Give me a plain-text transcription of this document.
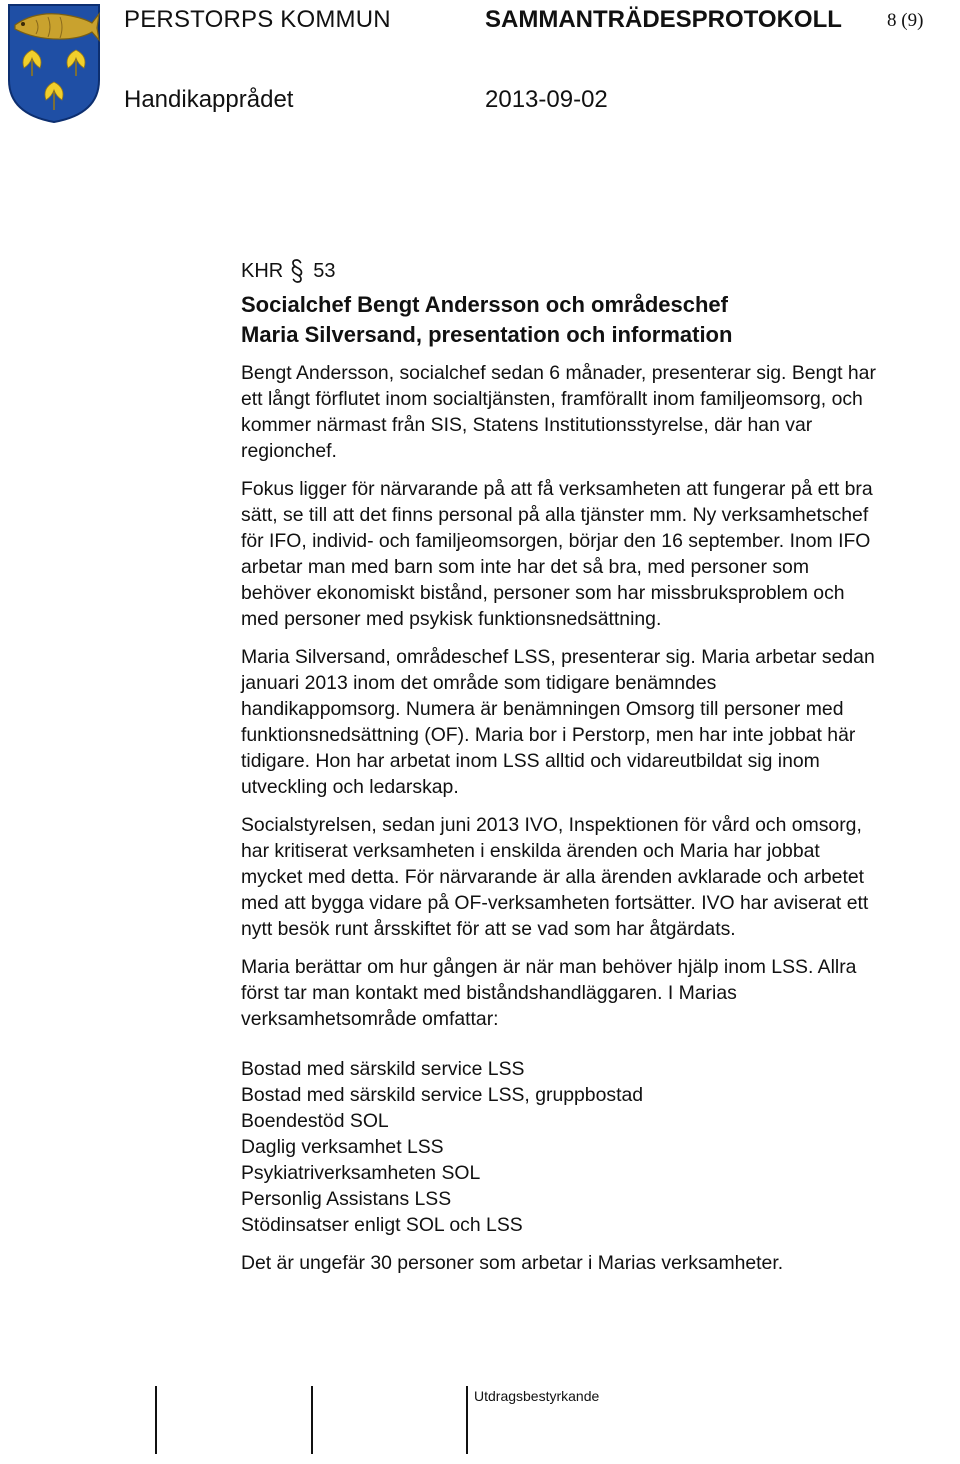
PERSTORPS KOMMUN	SAMMANTRÄDESPROTOKOLL 8 (9)
Handikapprådet	2013-09-02
KHR 53
Socialchef Bengt Andersson och områdeschef
Maria Silversand, presentation och information

Bengt Andersson, socialchef sedan 6 månader, presenterar sig. Bengt har ett långt förflutet inom socialtjänsten, framförallt inom familjeomsorg, och kommer närmast från SIS, Statens Institutionsstyrelse, där han var regionchef.

Fokus ligger för närvarande på att få verksamheten att fungerar på ett bra sätt, se till att det finns personal på alla tjänster mm. Ny verksamhetschef för IFO, individ- och familjeomsorgen, börjar den 16 september. Inom IFO arbetar man med barn som inte har det så bra, med personer som behöver ekonomiskt bistånd, personer som har missbruksproblem och med personer med psykisk funktionsnedsättning.

Maria Silversand, områdeschef LSS, presenterar sig. Maria arbetar sedan januari 2013 inom det område som tidigare benämndes handikappomsorg. Numera är benämningen Omsorg till personer med funktionsnedsättning (OF). Maria bor i Perstorp, men har inte jobbat här tidigare. Hon har arbetat inom LSS alltid och vidareutbildat sig inom utveckling och ledarskap.

Socialstyrelsen, sedan juni 2013 IVO, Inspektionen för vård och omsorg, har kritiserat verksamheten i enskilda ärenden och Maria har jobbat mycket med detta. För närvarande är alla ärenden avklarade och arbetet med att bygga vidare på OF-verksamheten fortsätter. IVO har aviserat ett nytt besök runt årsskiftet för att se vad som har åtgärdats.

Maria berättar om hur gången är när man behöver hjälp inom LSS. Allra först tar man kontakt med biståndshandläggaren. I Marias verksamhetsområde omfattar:

Bostad med särskild service LSS
Bostad med särskild service LSS, gruppbostad
Boendestöd SOL
Daglig verksamhet LSS
Psykiatriverksamheten SOL
Personlig Assistans LSS
Stödinsatser enligt SOL och LSS

Det är ungefär 30 personer som arbetar i Marias verksamheter.

Utdragsbestyrkande
